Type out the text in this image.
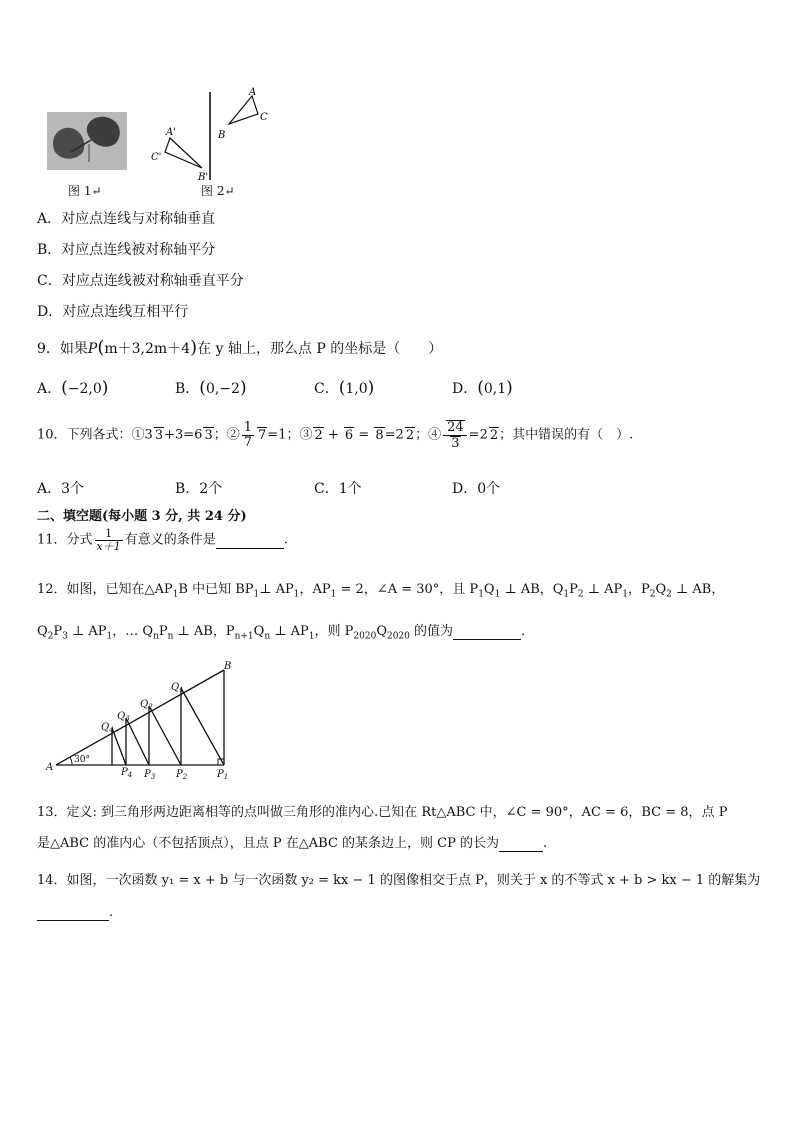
图 1↵
A
B
C
A'
B'
C'
图 2↵
A．对应点连线与对称轴垂直
B．对应点连线被对称轴平分
C．对应点连线被对称轴垂直平分
D．对应点连线互相平行
9．如果P(m＋3,2m＋4)在 y 轴上，那么点 P 的坐标是（　　）
A．(−2,0)	B．(0,−2)	C．(1,0)	D．(0,1)
10．下列各式：①3 3+3=6 3；② $\frac{1}{7} 7=1$；③ 2 + 6 = 8=2 2；④ $\frac{24}{3} =2$ 2；其中错误的有（　）.
A．3个	B．2个	C．1个	D．0个
二、填空题(每小题 3 分, 共 24 分)
11．分式 $\frac{1}{x+1}$ 有意义的条件是	.
12．如图，已知在$\triangle AP_1B$ 中已知 $BP_1\perp$ $AP_1$，$AP_1 = 2$，∠A = 30°，且 $P_1Q_1$ ⊥ AB，$Q_1P_2$ ⊥ $AP_1$，$P_2Q_2$ ⊥ AB，
$Q_2P_3$ ⊥ $AP_1$，… $Q_nP_n$ ⊥ AB，$P_{n+1}Q_n$ ⊥ $AP_1$，则 $P_{2020}Q_{2020}$ 的值为	.
A
B
30°
$Q_1$
$Q_2$
$Q_3$
$Q_4$
$P_1$
$P_2$
$P_3$
$P_4$
13．定义: 到三角形两边距离相等的点叫做三角形的准内心.已知在 Rt△ABC 中，∠C = 90°，AC = 6，BC = 8，点 P
是△ABC 的准内心（不包括顶点），且点 P 在△ABC 的某条边上，则 CP 的长为	.
14．如图，一次函数 y₁ = x + b 与一次函数 y₂ = kx − 1 的图像相交于点 P，则关于 x 的不等式 x + b > kx − 1 的解集为
.
